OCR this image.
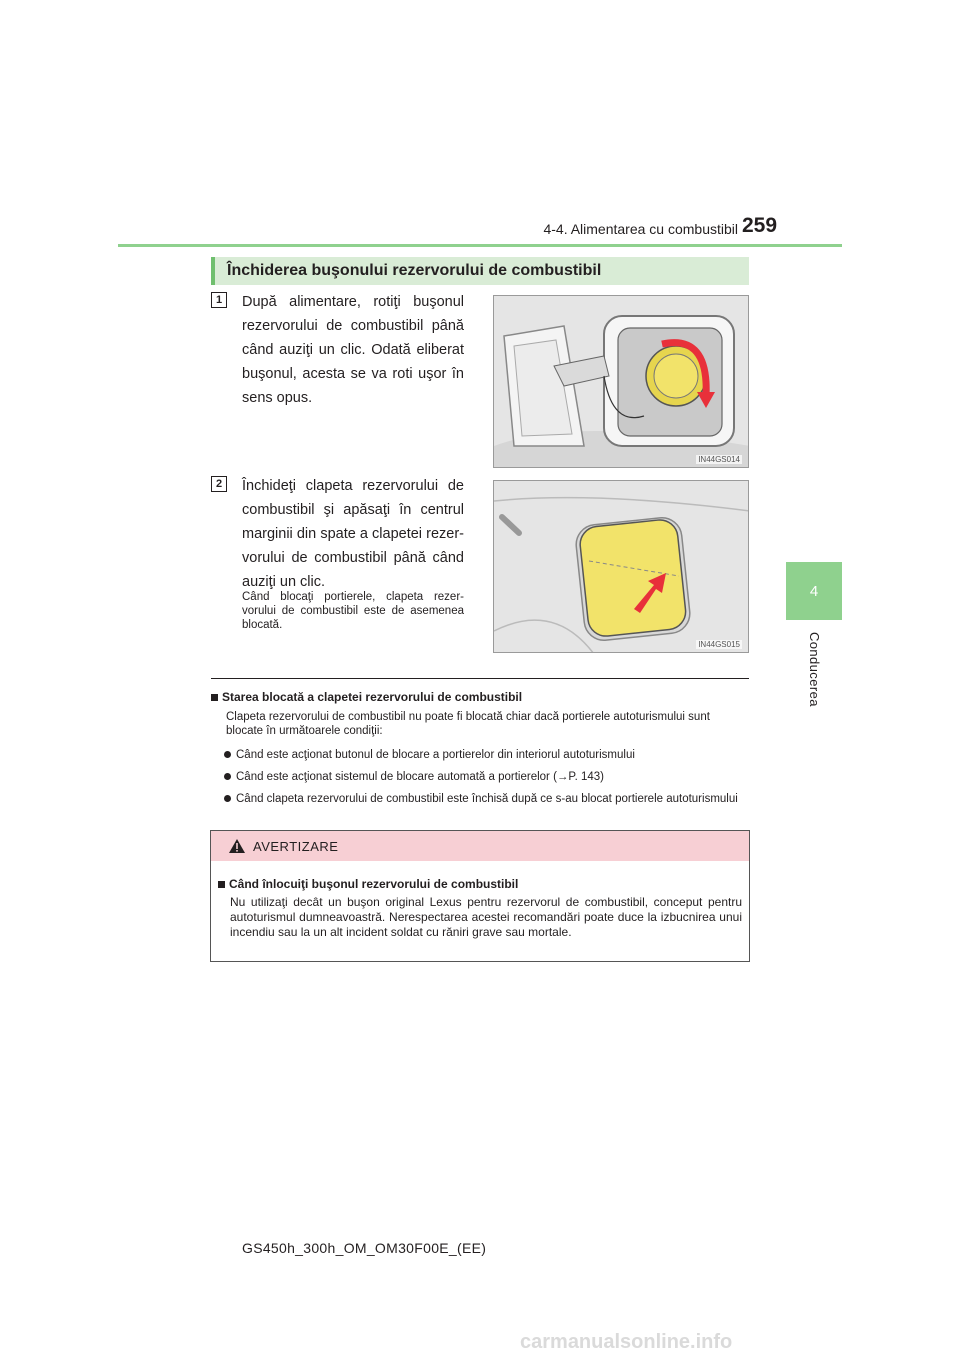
4-4. Alimentarea cu combustibil 259
4
Conducerea
Închiderea buşonului rezervorului de combustibil
1	După alimentare, rotiţi buşonul rezervorului de combustibil până când auziţi un clic. Odată eliberat buşonul, acesta se va roti uşor în sens opus.
IN44GS014
2	Închideţi clapeta rezervorului de combustibil şi apăsaţi în centrul marginii din spate a clapetei rezer-vorului de combustibil până când auziţi un clic.
Când blocaţi portierele, clapeta rezer-vorului de combustibil este de asemenea blocată.
IN44GS015
Starea blocată a clapetei rezervorului de combustibil
Clapeta rezervorului de combustibil nu poate fi blocată chiar dacă portierele autoturismului sunt blocate în următoarele condiţii:
Când este acţionat butonul de blocare a portierelor din interiorul autoturismului
Când este acţionat sistemul de blocare automată a portierelor (→P. 143)
Când clapeta rezervorului de combustibil este închisă după ce s-au blocat portierele autoturismului
AVERTIZARE
Când înlocuiţi buşonul rezervorului de combustibil
Nu utilizaţi decât un buşon original Lexus pentru rezervorul de combustibil, conceput pentru autoturismul dumneavoastră. Nerespectarea acestei recomandări poate duce la izbucnirea unui incendiu sau la un alt incident soldat cu răniri grave sau mortale.
GS450h_300h_OM_OM30F00E_(EE)
carmanualsonline.info
